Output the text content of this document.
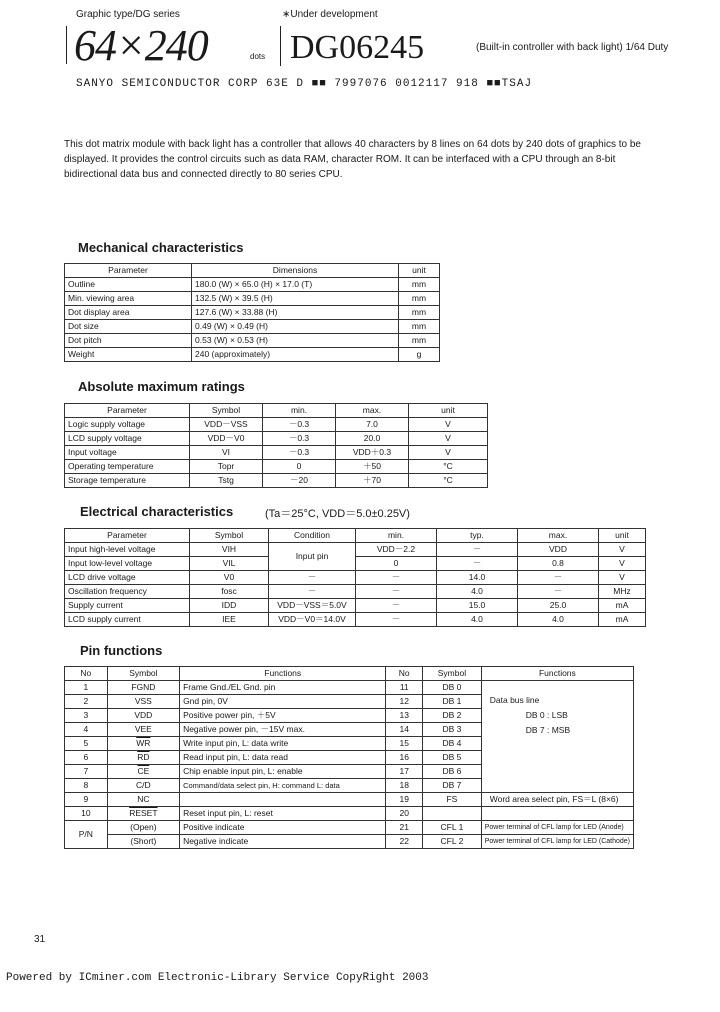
Graphic type/DG series	∗Under development
64×240	dots DG06245	(Built-in controller with back light) 1/64 Duty
SANYO SEMICONDUCTOR CORP 63E D ■■ 7997076 0012117 918 ■■TSAJ
This dot matrix module with back light has a controller that allows 40 characters by 8 lines on 64 dots by 240 dots of graphics to be displayed. It provides the control circuits such as data RAM, character ROM. It can be interfaced with a CPU through an 8-bit bidirectional data bus and connected directly to 80 series CPU.
Mechanical characteristics
Parameter	Dimensions	unit
Outline	180.0 (W) × 65.0 (H) × 17.0 (T)	mm
Min. viewing area	132.5 (W) × 39.5 (H)	mm
Dot display area	127.6 (W) × 33.88 (H)	mm
Dot size	0.49 (W) × 0.49 (H)	mm
Dot pitch	0.53 (W) × 0.53 (H)	mm
Weight	240 (approximately)	g
Absolute maximum ratings
Parameter	Symbol	min.	max.	unit
Logic supply voltage	VDD－VSS	－0.3	7.0	V
LCD supply voltage	VDD－V0	－0.3	20.0	V
Input voltage	VI	－0.3	VDD＋0.3	V
Operating temperature	Topr	0	＋50	°C
Storage temperature	Tstg	－20	＋70	°C
Electrical characteristics	(Ta＝25°C, VDD＝5.0±0.25V)
Parameter	Symbol	Condition	min.	typ.	max.	unit
Input high-level voltage	VIH	Input pin	VDD－2.2	－	VDD	V
Input low-level voltage	VIL		0	－	0.8	V
LCD drive voltage	V0	－	－	14.0	－	V
Oscillation frequency	fosc	－	－	4.0	－	MHz
Supply current	IDD	VDD－VSS＝5.0V	－	15.0	25.0	mA
LCD supply current	IEE	VDD－V0＝14.0V	－	4.0	4.0	mA
Pin functions
No	Symbol	Functions	No	Symbol	Functions
1	FGND	Frame Gnd./EL Gnd. pin	11	DB 0	Data bus line
DB 0 : LSB
DB 7 : MSB

2	VSS	Gnd pin, 0V	12	DB 1	
3	VDD	Positive power pin, ＋5V	13	DB 2	
4	VEE	Negative power pin, －15V max.	14	DB 3	
5	$\overline{WR}$	Write input pin, L: data write	15	DB 4	
6	$\overline{RD}$	Read input pin, L: data read	16	DB 5	
7	$\overline{CE}$	Chip enable input pin, L: enable	17	DB 6	
8	C/D	Command/data select pin, H: command L: data	18	DB 7	
9	NC		19	FS	Word area select pin, FS＝L (8×6)
10	RESET	Reset input pin, L: reset	20		
P/N	(Open)	Positive indicate	21	CFL 1	Power terminal of CFL lamp for LED (Anode)
	(Short)	Negative indicate	22	CFL 2	Power terminal of CFL lamp for LED (Cathode)
31
Powered by ICminer.com Electronic-Library Service CopyRight 2003
